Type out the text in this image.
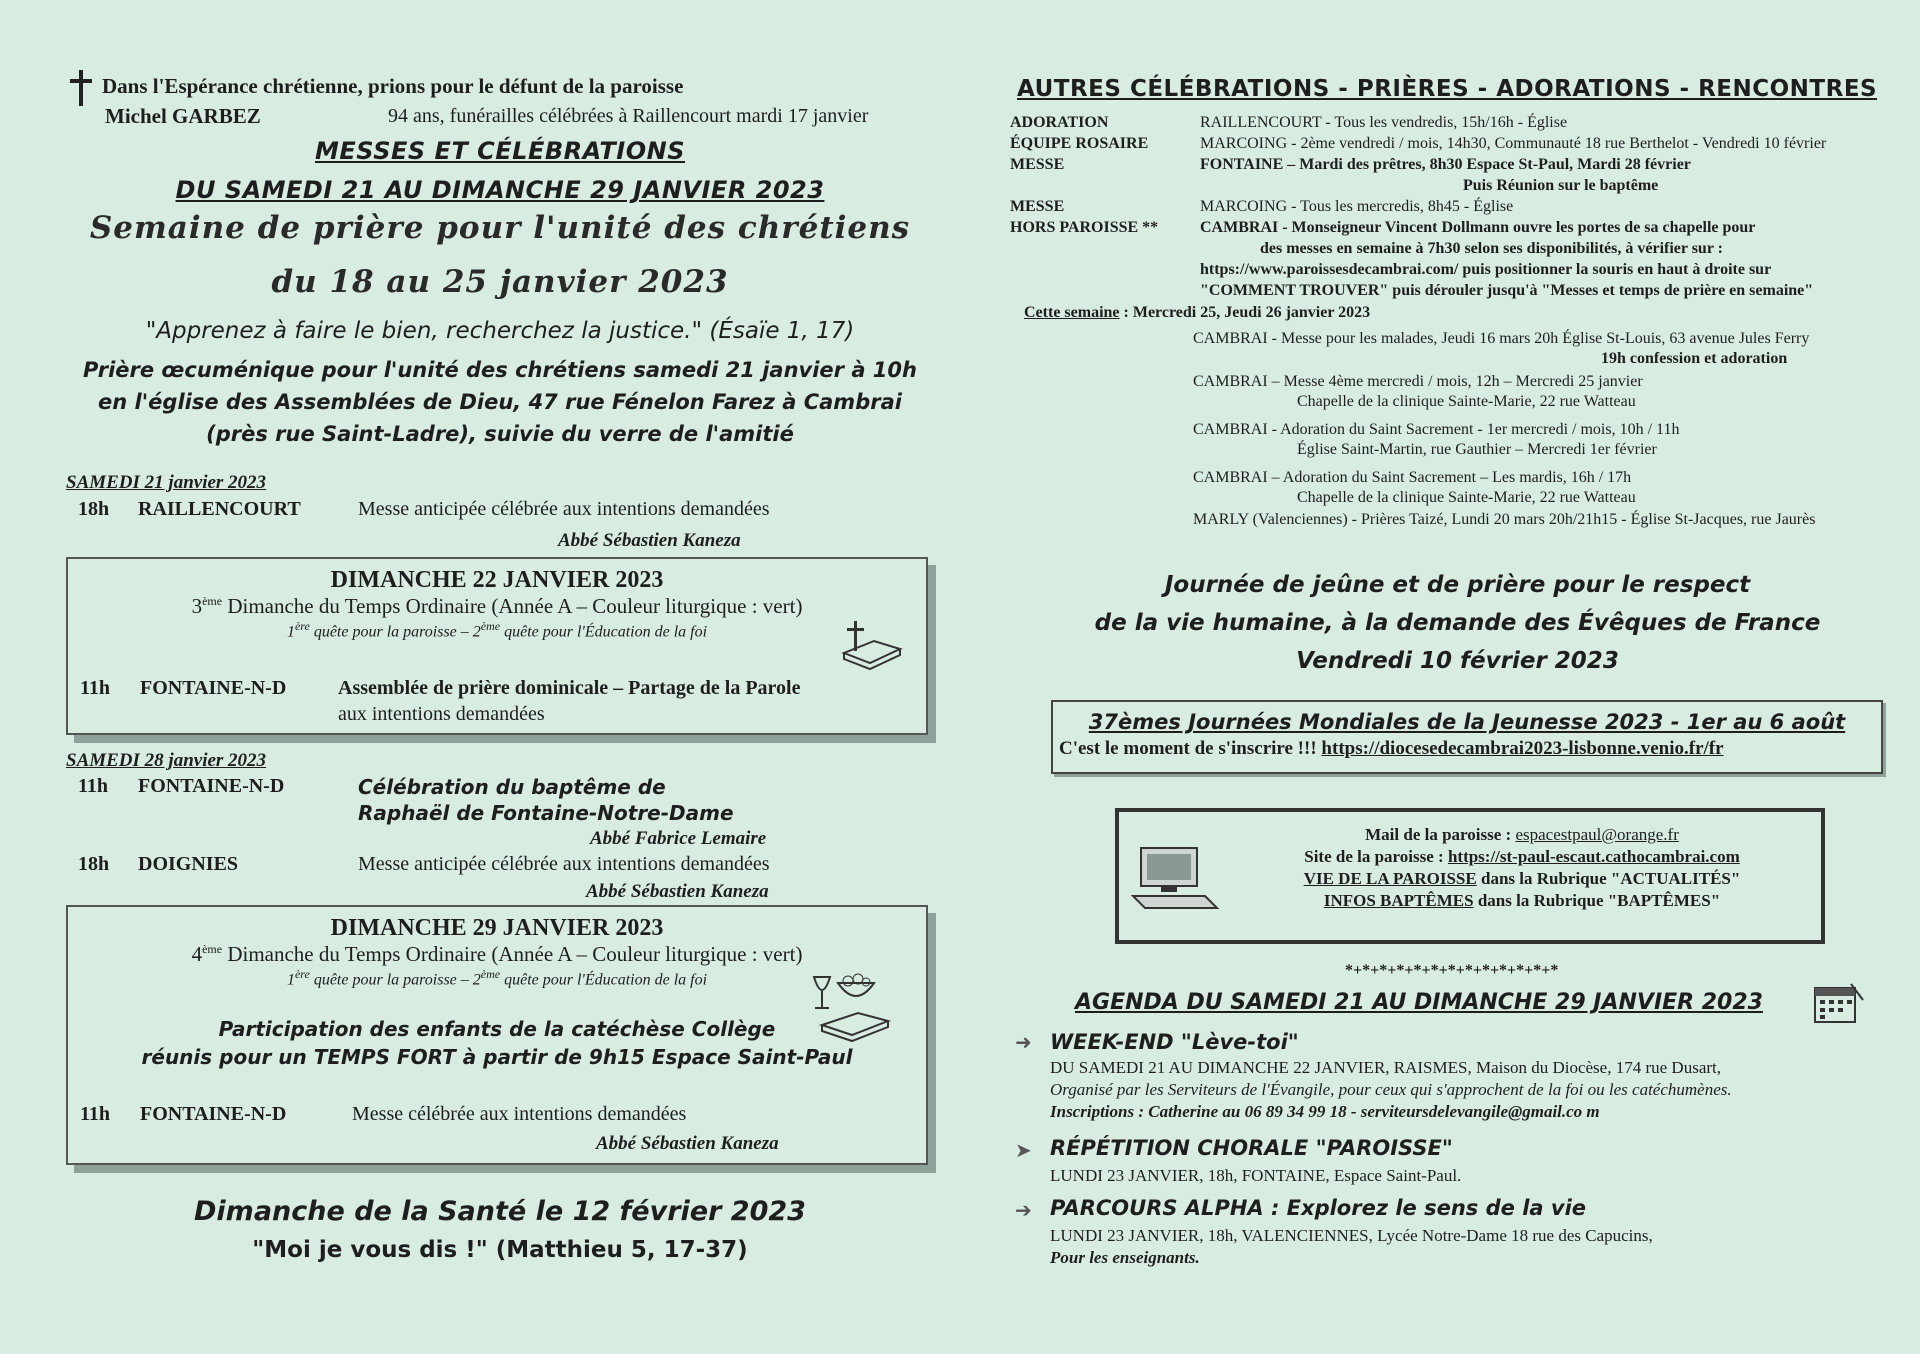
Dans l'Espérance chrétienne, prions pour le défunt de la paroisse
Michel GARBEZ	94 ans, funérailles célébrées à Raillencourt mardi 17 janvier
MESSES ET CÉLÉBRATIONS
DU SAMEDI 21 AU DIMANCHE 29 JANVIER 2023
Semaine de prière pour l'unité des chrétiens
du 18 au 25 janvier 2023
"Apprenez à faire le bien, recherchez la justice." (Ésaïe 1, 17)
Prière œcuménique pour l'unité des chrétiens samedi 21 janvier à 10h
en l'église des Assemblées de Dieu, 47 rue Fénelon Farez à Cambrai
(près rue Saint-Ladre), suivie du verre de l'amitié
SAMEDI 21 janvier 2023
18h	RAILLENCOURT	Messe anticipée célébrée aux intentions demandées
Abbé Sébastien Kaneza
DIMANCHE 22 JANVIER 2023
3ème Dimanche du Temps Ordinaire (Année A – Couleur liturgique : vert)
1ère quête pour la paroisse – 2ème quête pour l'Éducation de la foi
11h	FONTAINE-N-D	Assemblée de prière dominicale – Partage de la Parole
aux intentions demandées
SAMEDI 28 janvier 2023
11h	FONTAINE-N-D	Célébration du baptême de
Raphaël de Fontaine-Notre-Dame
Abbé Fabrice Lemaire
18h	DOIGNIES	Messe anticipée célébrée aux intentions demandées
Abbé Sébastien Kaneza
DIMANCHE 29 JANVIER 2023
4ème Dimanche du Temps Ordinaire (Année A – Couleur liturgique : vert)
1ère quête pour la paroisse – 2ème quête pour l'Éducation de la foi
Participation des enfants de la catéchèse Collège
réunis pour un TEMPS FORT à partir de 9h15 Espace Saint-Paul
11h	FONTAINE-N-D	Messe célébrée aux intentions demandées
Abbé Sébastien Kaneza
Dimanche de la Santé le 12 février 2023
"Moi je vous dis !" (Matthieu 5, 17-37)
AUTRES CÉLÉBRATIONS - PRIÈRES - ADORATIONS - RENCONTRES
ADORATION	RAILLENCOURT - Tous les vendredis, 15h/16h - Église
ÉQUIPE ROSAIRE	MARCOING - 2ème vendredi / mois, 14h30, Communauté 18 rue Berthelot - Vendredi 10 février
MESSE	FONTAINE – Mardi des prêtres, 8h30 Espace St-Paul, Mardi 28 février
Puis Réunion sur le baptême
MESSE	MARCOING - Tous les mercredis, 8h45 - Église
HORS PAROISSE **	CAMBRAI - Monseigneur Vincent Dollmann ouvre les portes de sa chapelle pour
des messes en semaine à 7h30 selon ses disponibilités, à vérifier sur :
https://www.paroissesdecambrai.com/ puis positionner la souris en haut à droite sur
"COMMENT TROUVER" puis dérouler jusqu'à "Messes et temps de prière en semaine"
Cette semaine : Mercredi 25, Jeudi 26 janvier 2023
CAMBRAI - Messe pour les malades, Jeudi 16 mars 20h Église St-Louis, 63 avenue Jules Ferry
19h confession et adoration
CAMBRAI – Messe 4ème mercredi / mois, 12h – Mercredi 25 janvier
Chapelle de la clinique Sainte-Marie, 22 rue Watteau
CAMBRAI - Adoration du Saint Sacrement - 1er mercredi / mois, 10h / 11h
Église Saint-Martin, rue Gauthier – Mercredi 1er février
CAMBRAI – Adoration du Saint Sacrement – Les mardis, 16h / 17h
Chapelle de la clinique Sainte-Marie, 22 rue Watteau
MARLY (Valenciennes) - Prières Taizé, Lundi 20 mars 20h/21h15 - Église St-Jacques, rue Jaurès
Journée de jeûne et de prière pour le respect
de la vie humaine, à la demande des Évêques de France
Vendredi 10 février 2023
37èmes Journées Mondiales de la Jeunesse 2023 - 1er au 6 août
C'est le moment de s'inscrire !!! https://diocesedecambrai2023-lisbonne.venio.fr/fr
Mail de la paroisse : espacestpaul@orange.fr
Site de la paroisse : https://st-paul-escaut.cathocambrai.com
VIE DE LA PAROISSE dans la Rubrique "ACTUALITÉS"
INFOS BAPTÊMES dans la Rubrique "BAPTÊMES"
*+*+*+*+*+*+*+*+*+*+*+*+*
AGENDA DU SAMEDI 21 AU DIMANCHE 29 JANVIER 2023
➜ WEEK-END "Lève-toi"
DU SAMEDI 21 AU DIMANCHE 22 JANVIER, RAISMES, Maison du Diocèse, 174 rue Dusart,
Organisé par les Serviteurs de l'Évangile, pour ceux qui s'approchent de la foi ou les catéchumènes.
Inscriptions : Catherine au 06 89 34 99 18 - serviteursdelevangile@gmail.co m
➤ RÉPÉTITION CHORALE "PAROISSE"
LUNDI 23 JANVIER, 18h, FONTAINE, Espace Saint-Paul.
➔ PARCOURS ALPHA : Explorez le sens de la vie
LUNDI 23 JANVIER, 18h, VALENCIENNES, Lycée Notre-Dame 18 rue des Capucins,
Pour les enseignants.
